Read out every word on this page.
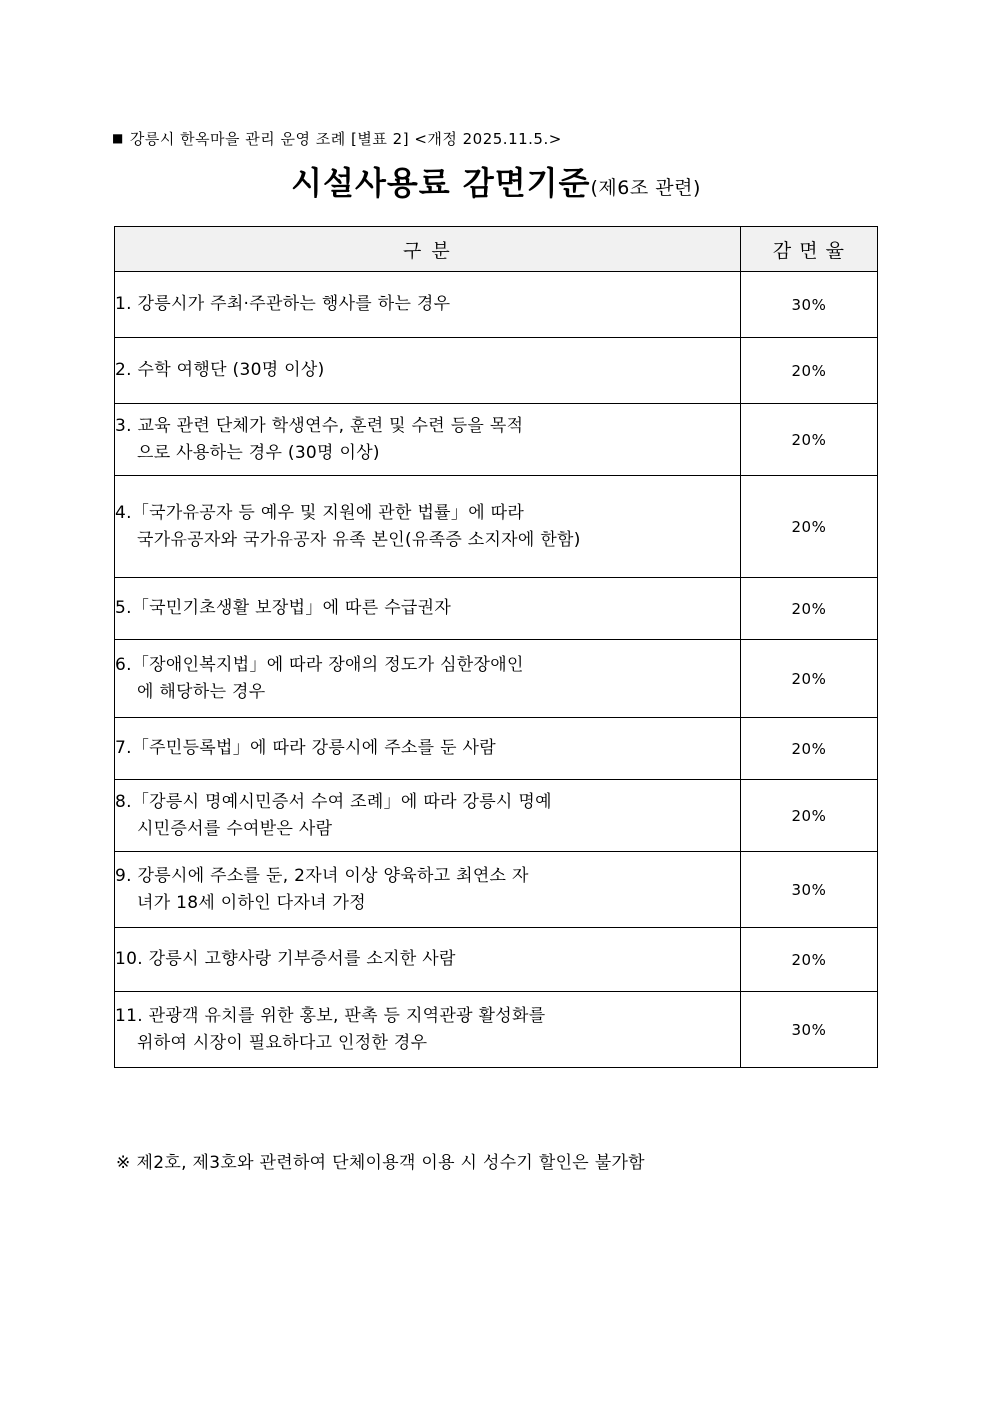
■ 강릉시 한옥마을 관리 운영 조례 [별표 2] <개정 2025.11.5.>
시설사용료 감면기준(제6조 관련)
구 분	감 면 율
1. 강릉시가 주최·주관하는 행사를 하는 경우	30%
2. 수학 여행단 (30명 이상)	20%
3. 교육 관련 단체가 학생연수, 훈련 및 수련 등을 목적
으로 사용하는 경우 (30명 이상)	20%
4.「국가유공자 등 예우 및 지원에 관한 법률」에 따라
국가유공자와 국가유공자 유족 본인(유족증 소지자에 한함)	20%
5.「국민기초생활 보장법」에 따른 수급권자	20%
6.「장애인복지법」에 따라 장애의 정도가 심한장애인
에 해당하는 경우	20%
7.「주민등록법」에 따라 강릉시에 주소를 둔 사람	20%
8.「강릉시 명예시민증서 수여 조례」에 따라 강릉시 명예
시민증서를 수여받은 사람	20%
9. 강릉시에 주소를 둔, 2자녀 이상 양육하고 최연소 자
녀가 18세 이하인 다자녀 가정	30%
10. 강릉시 고향사랑 기부증서를 소지한 사람	20%
11. 관광객 유치를 위한 홍보, 판촉 등 지역관광 활성화를
위하여 시장이 필요하다고 인정한 경우	30%
※ 제2호, 제3호와 관련하여 단체이용객 이용 시 성수기 할인은 불가함
